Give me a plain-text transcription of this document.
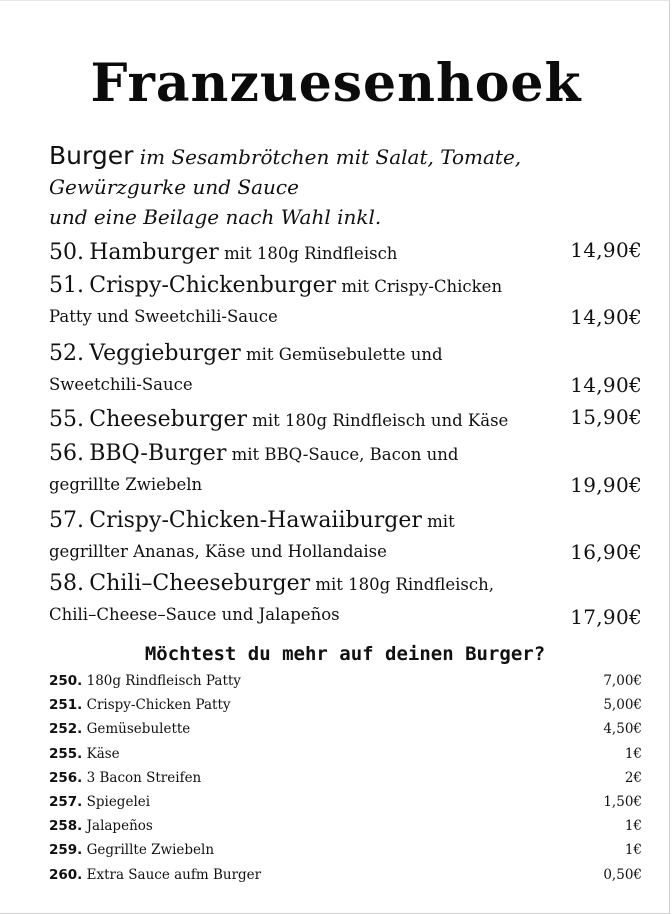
Franzuesenhoek
Burger im Sesambrötchen mit Salat, Tomate,
Gewürzgurke und Sauce
und eine Beilage nach Wahl inkl.
50. Hamburger mit 180g Rindfleisch	14,90€
51. Crispy-Chickenburger mit Crispy-Chicken
Patty und Sweetchili-Sauce	14,90€
52. Veggieburger mit Gemüsebulette und
Sweetchili-Sauce	14,90€
55. Cheeseburger mit 180g Rindfleisch und Käse	15,90€
56. BBQ-Burger mit BBQ-Sauce, Bacon und
gegrillte Zwiebeln	19,90€
57. Crispy-Chicken-Hawaiiburger mit
gegrillter Ananas, Käse und Hollandaise	16,90€
58. Chili–Cheeseburger mit 180g Rindfleisch,
Chili–Cheese–Sauce und Jalapeños	17,90€
Möchtest du mehr auf deinen Burger?
250. 180g Rindfleisch Patty	7,00€
251. Crispy-Chicken Patty	5,00€
252. Gemüsebulette	4,50€
255. Käse	1€
256. 3 Bacon Streifen	2€
257. Spiegelei	1,50€
258. Jalapeños	1€
259. Gegrillte Zwiebeln	1€
260. Extra Sauce aufm Burger	0,50€
